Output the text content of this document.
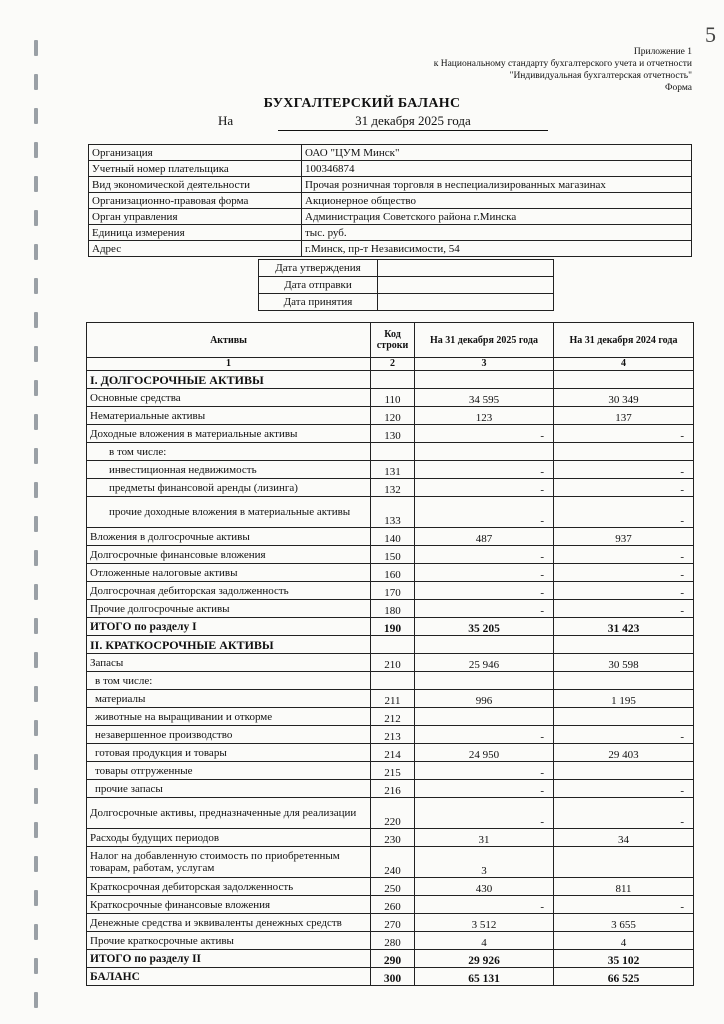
5
Приложение 1
к Национальному стандарту бухгалтерского учета и отчетности
"Индивидуальная бухгалтерская отчетность"
Форма
БУХГАЛТЕРСКИЙ БАЛАНС
На	31 декабря 2025 года
Организация	ОАО "ЦУМ Минск"
Учетный номер плательщика	100346874
Вид экономической деятельности	Прочая розничная торговля в неспециализированных магазинах
Организационно-правовая форма	Акционерное общество
Орган управления	Администрация Советского района г.Минска
Единица измерения	тыс. руб.
Адрес	г.Минск, пр-т Независимости, 54
Дата утверждения	
Дата отправки	
Дата принятия	
Активы	Код строки	На 31 декабря 2025 года	На 31 декабря 2024 года
1	2	3	4
I. ДОЛГОСРОЧНЫЕ АКТИВЫ			
Основные средства	110	34 595	30 349
Нематериальные активы	120	123	137
Доходные вложения в материальные активы	130	-	-
в том числе:			
инвестиционная недвижимость	131	-	-
предметы финансовой аренды (лизинга)	132	-	-
прочие доходные вложения в материальные активы	133	-	-
Вложения в долгосрочные активы	140	487	937
Долгосрочные финансовые вложения	150	-	-
Отложенные налоговые активы	160	-	-
Долгосрочная дебиторская задолженность	170	-	-
Прочие долгосрочные активы	180	-	-
ИТОГО по разделу I	190	35 205	31 423
II. КРАТКОСРОЧНЫЕ АКТИВЫ			
Запасы	210	25 946	30 598
в том числе:			
материалы	211	996	1 195
животные на выращивании и откорме	212		
незавершенное производство	213	-	-
готовая продукция и товары	214	24 950	29 403
товары отгруженные	215	-	
прочие запасы	216	-	-
Долгосрочные активы, предназначенные для реализации	220	-	-
Расходы будущих периодов	230	31	34
Налог на добавленную стоимость по приобретенным товарам, работам, услугам	240	3	
Краткосрочная дебиторская задолженность	250	430	811
Краткосрочные финансовые вложения	260	-	-
Денежные средства и эквиваленты денежных средств	270	3 512	3 655
Прочие краткосрочные активы	280	4	4
ИТОГО по разделу II	290	29 926	35 102
БАЛАНС	300	65 131	66 525
